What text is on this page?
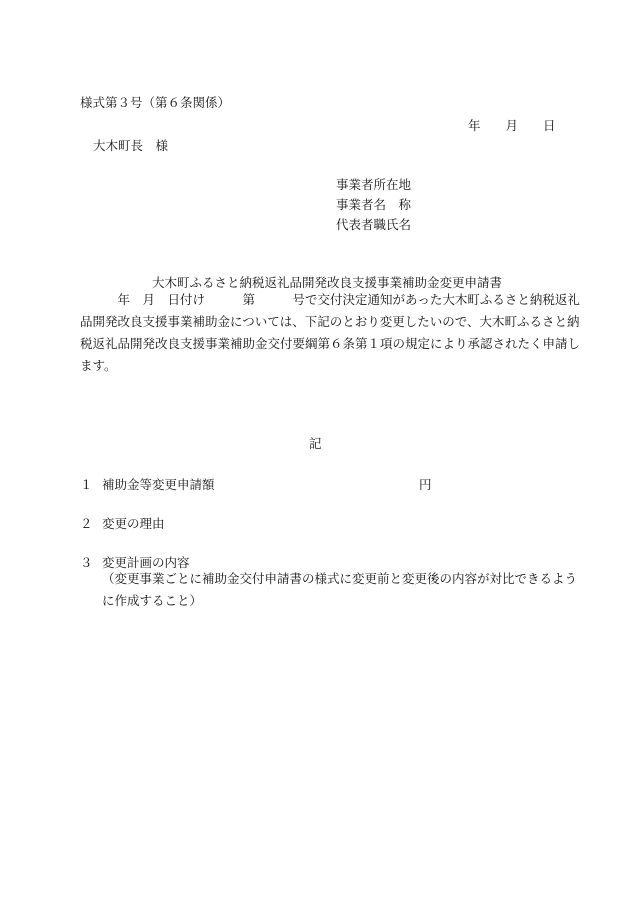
様式第３号（第６条関係）
年　　月　　日
大木町長　様
事業者所在地
事業者名　称
代表者職氏名
大木町ふるさと納税返礼品開発改良支援事業補助金変更申請書
　　　年　月　日付け　　　第　　　号で交付決定通知があった大木町ふるさと納税返礼
品開発改良支援事業補助金については、下記のとおり変更したいので、大木町ふるさと納
税返礼品開発改良支援事業補助金交付要綱第６条第１項の規定により承認されたく申請し
ます。
記
１ 補助金等変更申請額	円
２ 変更の理由
３ 変更計画の内容
（変更事業ごとに補助金交付申請書の様式に変更前と変更後の内容が対比できるよう
に作成すること）
